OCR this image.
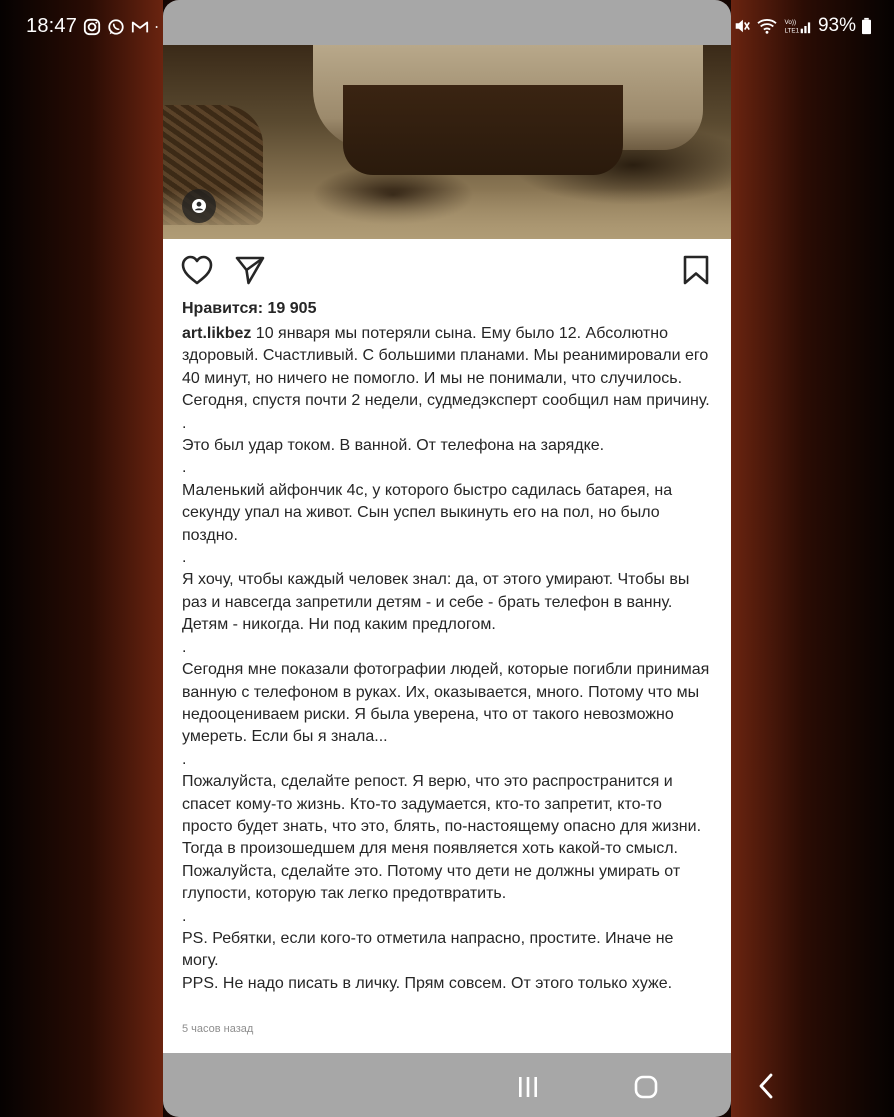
18:47	Vo))
LTE1 93%
Нравится: 19 905

art.likbez 10 января мы потеряли сына. Ему было 12. Абсолютно здоровый. Счастливый. С большими планами. Мы реанимировали его 40 минут, но ничего не помогло. И мы не понимали, что случилось. Сегодня, спустя почти 2 недели, судмедэксперт сообщил нам причину.

.

Это был удар током. В ванной. От телефона на зарядке.

.

Маленький айфончик 4с, у которого быстро садилась батарея, на секунду упал на живот. Сын успел выкинуть его на пол, но было поздно.

.

Я хочу, чтобы каждый человек знал: да, от этого умирают. Чтобы вы раз и навсегда запретили детям - и себе - брать телефон в ванну. Детям - никогда. Ни под каким предлогом.

.

Сегодня мне показали фотографии людей, которые погибли принимая ванную с телефоном в руках. Их, оказывается, много. Потому что мы недооцениваем риски. Я была уверена, что от такого невозможно умереть. Если бы я знала...

.

Пожалуйста, сделайте репост. Я верю, что это распространится и спасет кому-то жизнь. Кто-то задумается, кто-то запретит, кто-то просто будет знать, что это, блять, по-настоящему опасно для жизни. Тогда в произошедшем для меня появляется хоть какой-то смысл. Пожалуйста, сделайте это. Потому что дети не должны умирать от глупости, которую так легко предотвратить.

.

PS. Ребятки, если кого-то отметила напрасно, простите. Иначе не могу.

PPS. Не надо писать в личку. Прям совсем. От этого только хуже.

5 часов назад
